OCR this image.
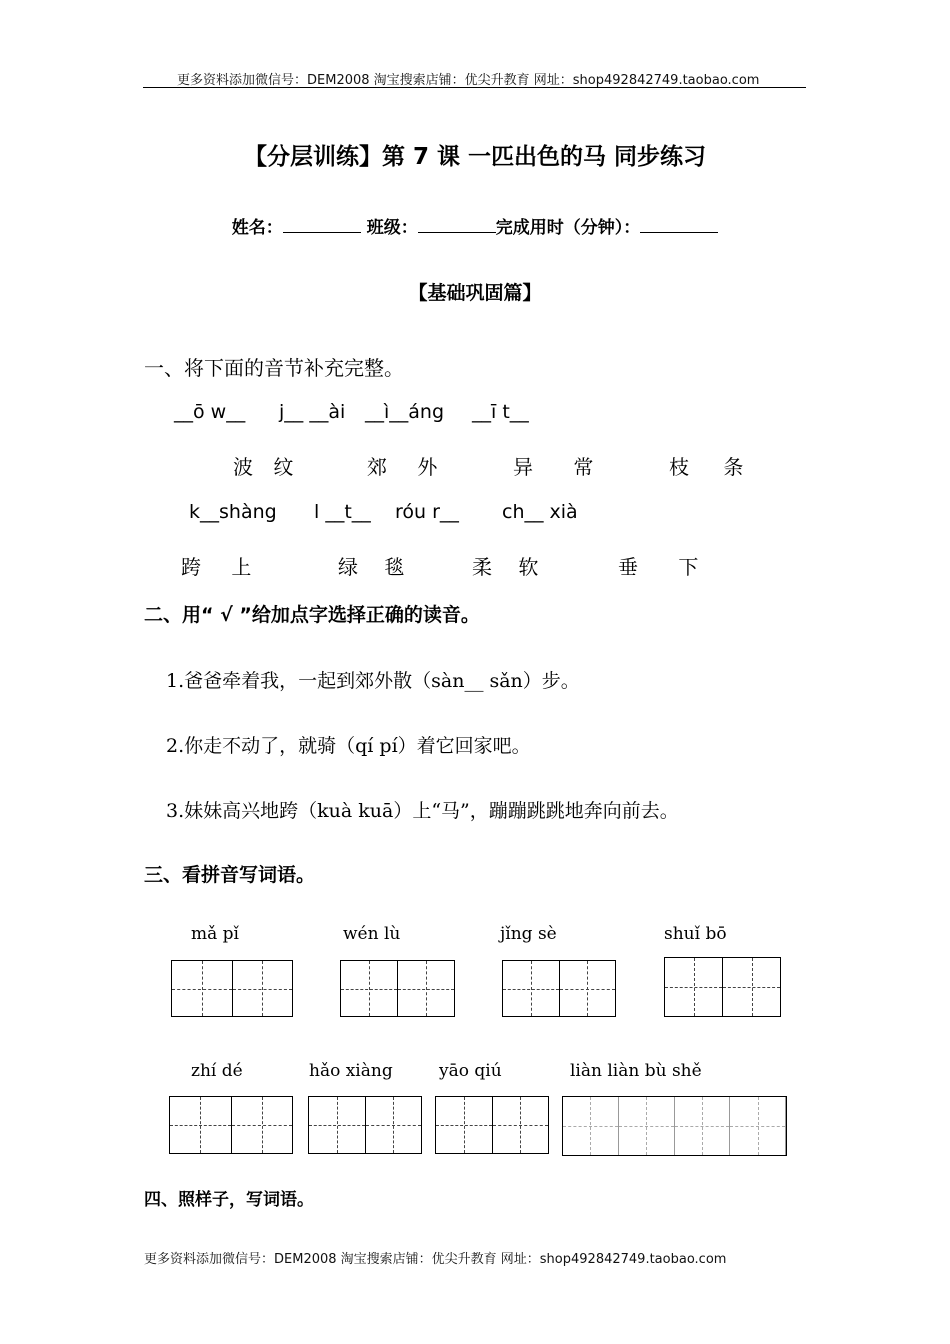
更多资料添加微信号：DEM2008 淘宝搜索店铺：优尖升教育 网址：shop492842749.taobao.com
【分层训练】第 7 课 一匹出色的马 同步练习
姓名：	班级：	完成用时（分钟）：
【基础巩固篇】
一、将下面的音节补充完整。
__ō w__ j__ __ài __ì__áng __ī t__
波 纹	郊 外	异 常	枝 条
k__shàng l __t__ róu r__ ch__ xià
跨 上	绿 毯	柔 软	垂 下
二、用“ √ ”给加点字选择正确的读音。
1.爸爸牵着我，一起到郊外散（sàn__ sǎn）步。
2.你走不动了，就骑（qí pí）着它回家吧。
3.妹妹高兴地跨（kuà kuā）上“马”，蹦蹦跳跳地奔向前去。
三、看拼音写词语。
mǎ pǐ	wén lù	jǐng sè	shuǐ bō
zhí dé	hǎo xiàng	yāo qiú	liàn liàn bù shě
四、照样子，写词语。
更多资料添加微信号：DEM2008 淘宝搜索店铺：优尖升教育 网址：shop492842749.taobao.com
